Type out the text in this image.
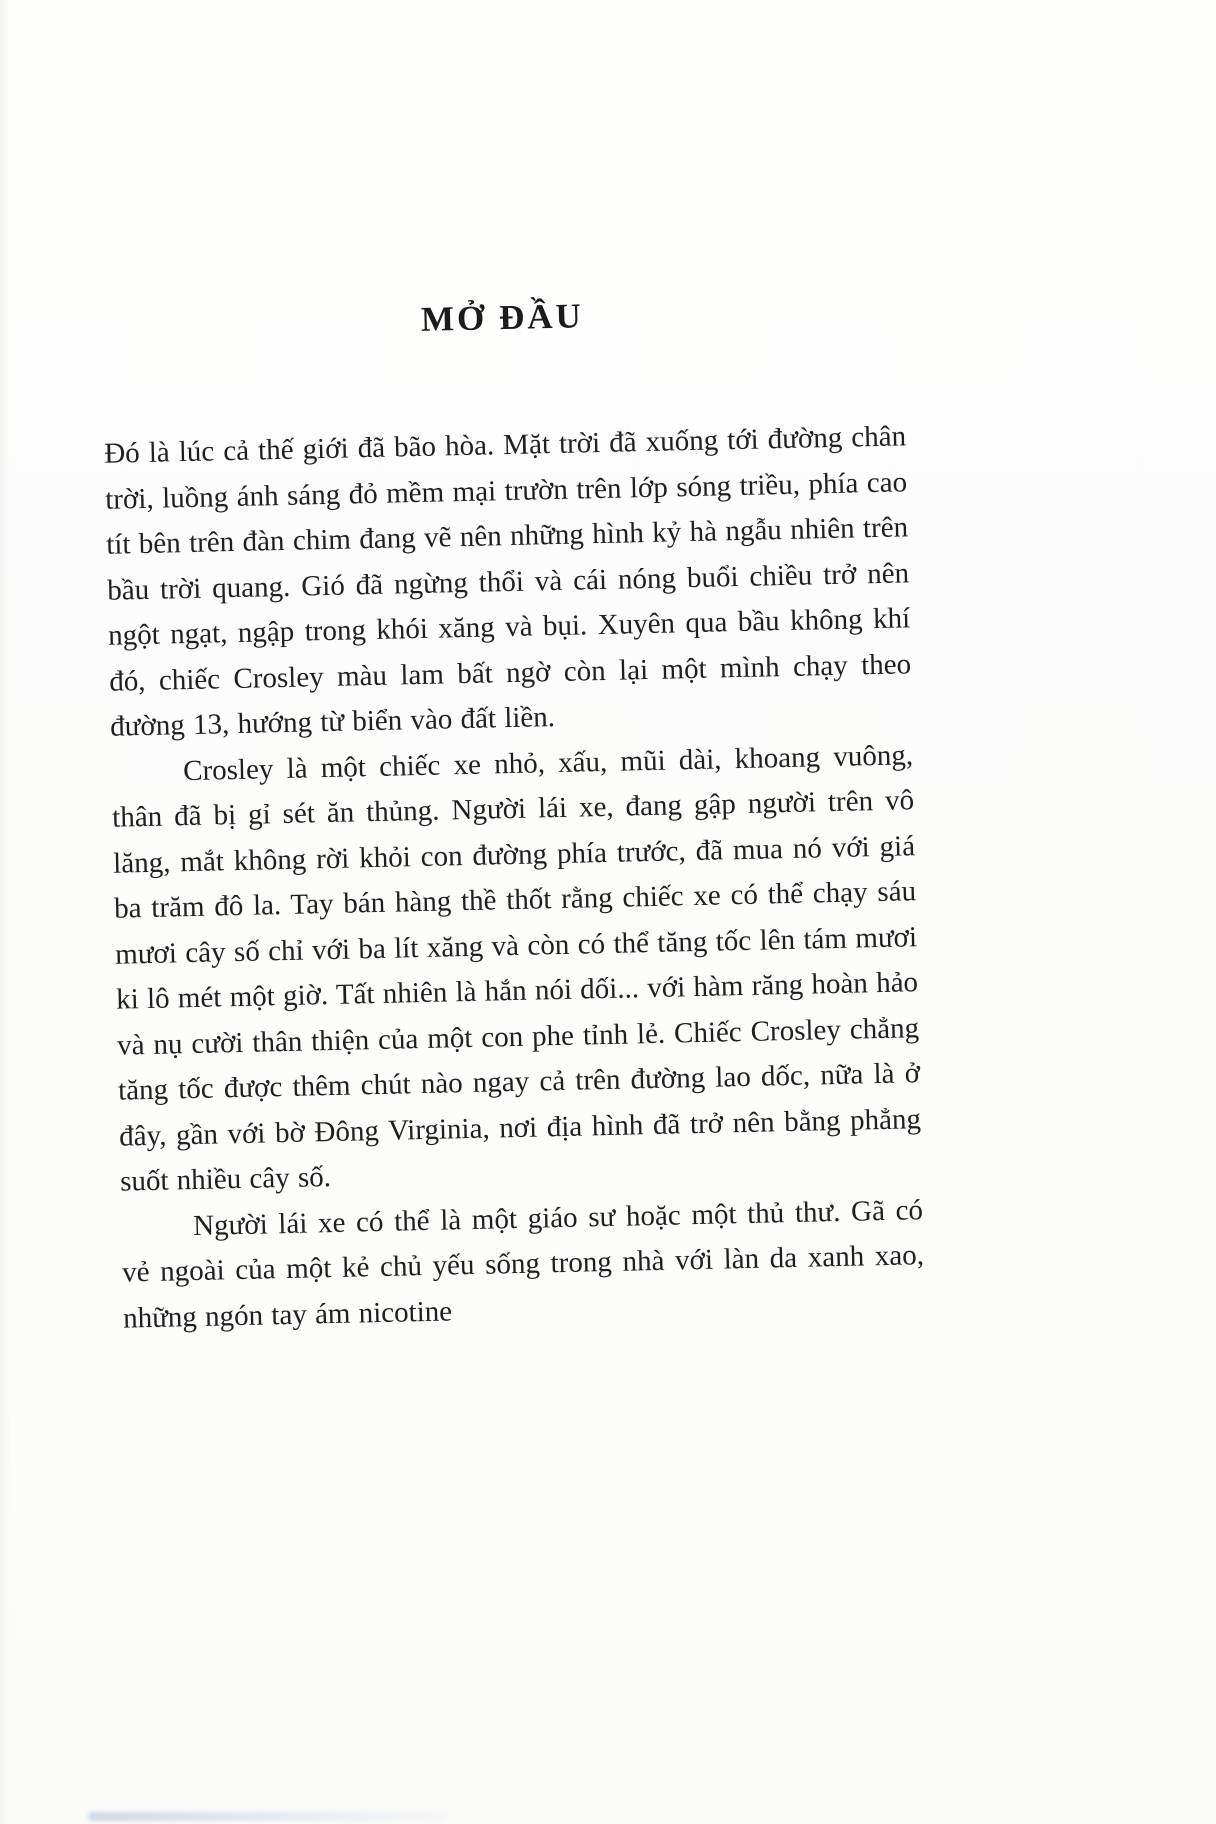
MỞ ĐẦU

Đó là lúc cả thế giới đã bão hòa. Mặt trời đã xuống tới đường chân trời, luồng ánh sáng đỏ mềm mại trườn trên lớp sóng triều, phía cao tít bên trên đàn chim đang vẽ nên những hình kỷ hà ngẫu nhiên trên bầu trời quang. Gió đã ngừng thổi và cái nóng buổi chiều trở nên ngột ngạt, ngập trong khói xăng và bụi. Xuyên qua bầu không khí đó, chiếc Crosley màu lam bất ngờ còn lại một mình chạy theo đường 13, hướng từ biển vào đất liền.

Crosley là một chiếc xe nhỏ, xấu, mũi dài, khoang vuông, thân đã bị gỉ sét ăn thủng. Người lái xe, đang gập người trên vô lăng, mắt không rời khỏi con đường phía trước, đã mua nó với giá ba trăm đô la. Tay bán hàng thề thốt rằng chiếc xe có thể chạy sáu mươi cây số chỉ với ba lít xăng và còn có thể tăng tốc lên tám mươi ki lô mét một giờ. Tất nhiên là hắn nói dối... với hàm răng hoàn hảo và nụ cười thân thiện của một con phe tỉnh lẻ. Chiếc Crosley chẳng tăng tốc được thêm chút nào ngay cả trên đường lao dốc, nữa là ở đây, gần với bờ Đông Virginia, nơi địa hình đã trở nên bằng phẳng suốt nhiều cây số.

Người lái xe có thể là một giáo sư hoặc một thủ thư. Gã có vẻ ngoài của một kẻ chủ yếu sống trong nhà với làn da xanh xao, những ngón tay ám nicotine
